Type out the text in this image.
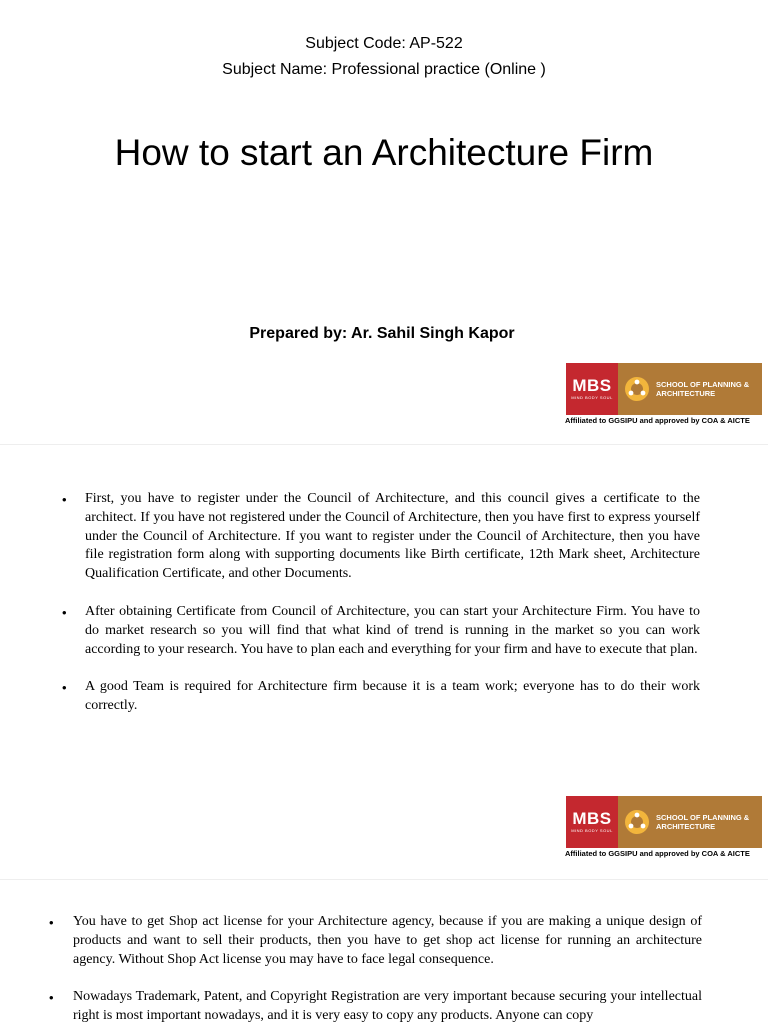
Subject Code: AP-522
Subject Name: Professional practice (Online )
How to start an Architecture Firm
Prepared by: Ar. Sahil Singh Kapor
MBS
MIND BODY SOUL
SCHOOL OF PLANNING &
ARCHITECTURE
Affiliated to GGSIPU and approved by COA & AICTE
• First, you have to register under the Council of Architecture, and this council gives a certificate to the architect. If you have not registered under the Council of Architecture, then you have first to express yourself under the Council of Architecture. If you want to register under the Council of Architecture, then you have file registration form along with supporting documents like Birth certificate, 12th Mark sheet, Architecture Qualification Certificate, and other Documents.

• After obtaining Certificate from Council of Architecture, you can start your Architecture Firm. You have to do market research so you will find that what kind of trend is running in the market so you can work according to your research. You have to plan each and everything for your firm and have to execute that plan.

• A good Team is required for Architecture firm because it is a team work; everyone has to do their work correctly.

MBS
MIND BODY SOUL
SCHOOL OF PLANNING &
ARCHITECTURE
Affiliated to GGSIPU and approved by COA & AICTE
• You have to get Shop act license for your Architecture agency, because if you are making a unique design of products and want to sell their products, then you have to get shop act license for running an architecture agency. Without Shop Act license you may have to face legal consequence.

• Nowadays Trademark, Patent, and Copyright Registration are very important because securing your intellectual right is most important nowadays, and it is very easy to copy any products. Anyone can copy
